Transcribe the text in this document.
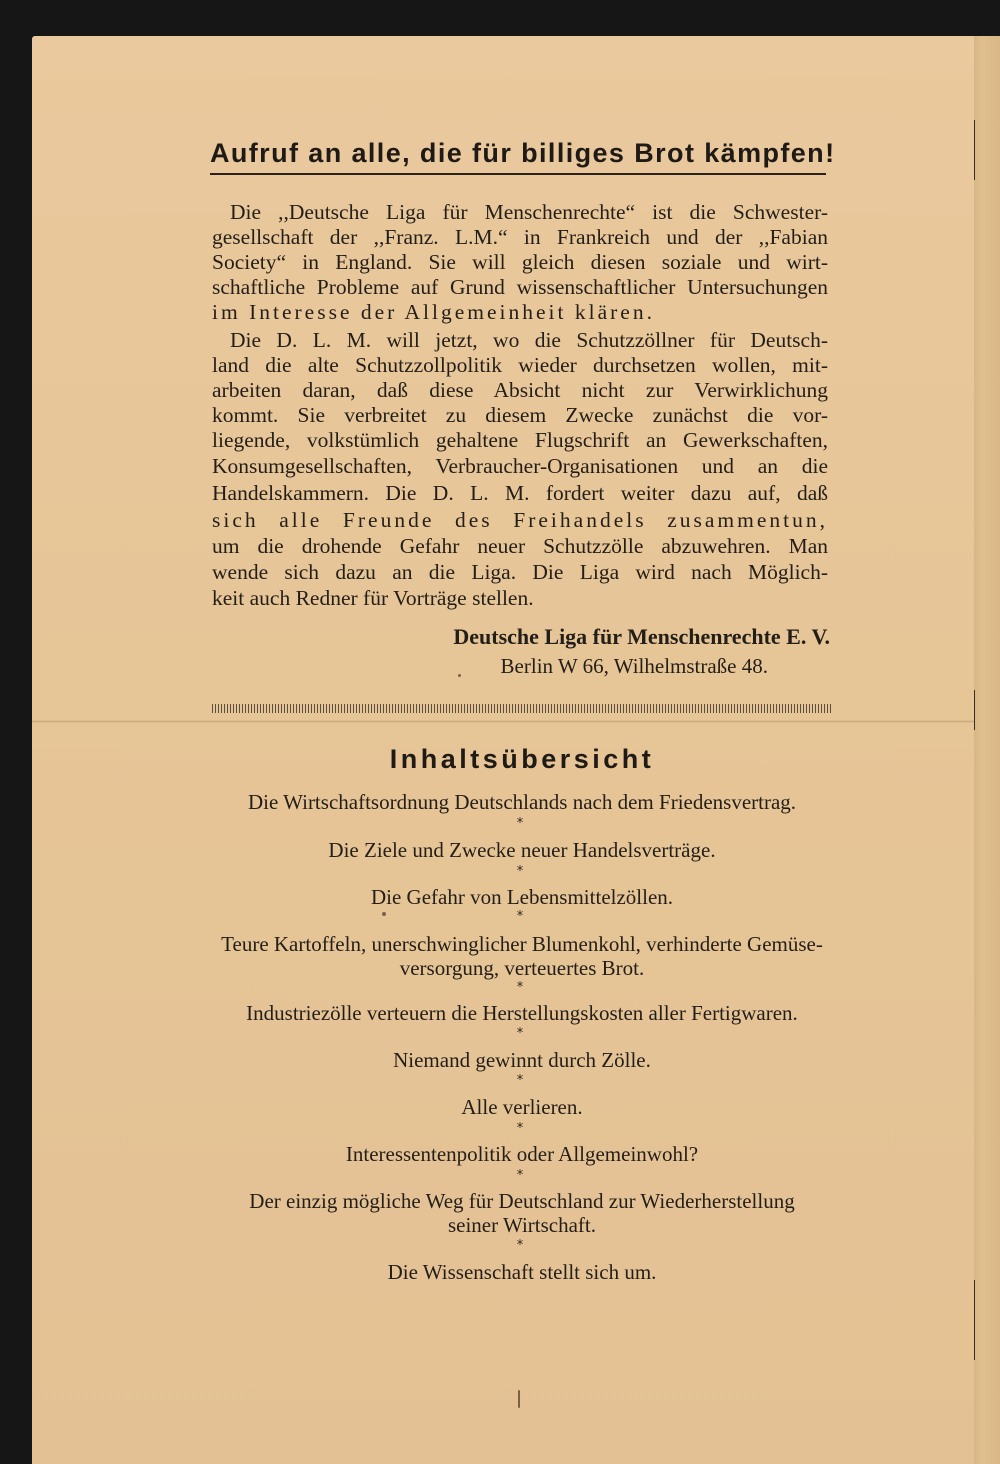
Aufruf an alle, die für billiges Brot kämpfen!
Die ,,Deutsche Liga für Menschenrechte“ ist die Schwester-
gesellschaft der ,,Franz. L.M.“ in Frankreich und der ,,Fabian
Society“ in England. Sie will gleich diesen soziale und wirt-
schaftliche Probleme auf Grund wissenschaftlicher Untersuchungen
im Interesse der Allgemeinheit klären.
Die D. L. M. will jetzt, wo die Schutzzöllner für Deutsch-
land die alte Schutzzollpolitik wieder durchsetzen wollen, mit-
arbeiten daran, daß diese Absicht nicht zur Verwirklichung
kommt. Sie verbreitet zu diesem Zwecke zunächst die vor-
liegende, volkstümlich gehaltene Flugschrift an Gewerkschaften,
Konsumgesellschaften, Verbraucher-Organisationen und an die
Handelskammern. Die D. L. M. fordert weiter dazu auf, daß
sich alle Freunde des Freihandels zusammentun,
um die drohende Gefahr neuer Schutzzölle abzuwehren. Man
wende sich dazu an die Liga. Die Liga wird nach Möglich-
keit auch Redner für Vorträge stellen.
Deutsche Liga für Menschenrechte E. V.
Berlin W 66, Wilhelmstraße 48.
Inhaltsübersicht
Die Wirtschaftsordnung Deutschlands nach dem Friedensvertrag.
*
Die Ziele und Zwecke neuer Handelsverträge.
*
Die Gefahr von Lebensmittelzöllen.
*
Teure Kartoffeln, unerschwinglicher Blumenkohl, verhinderte Gemüse-
versorgung, verteuertes Brot.
*
Industriezölle verteuern die Herstellungskosten aller Fertigwaren.
*
Niemand gewinnt durch Zölle.
*
Alle verlieren.
*
Interessentenpolitik oder Allgemeinwohl?
*
Der einzig mögliche Weg für Deutschland zur Wiederherstellung
seiner Wirtschaft.
*
Die Wissenschaft stellt sich um.
